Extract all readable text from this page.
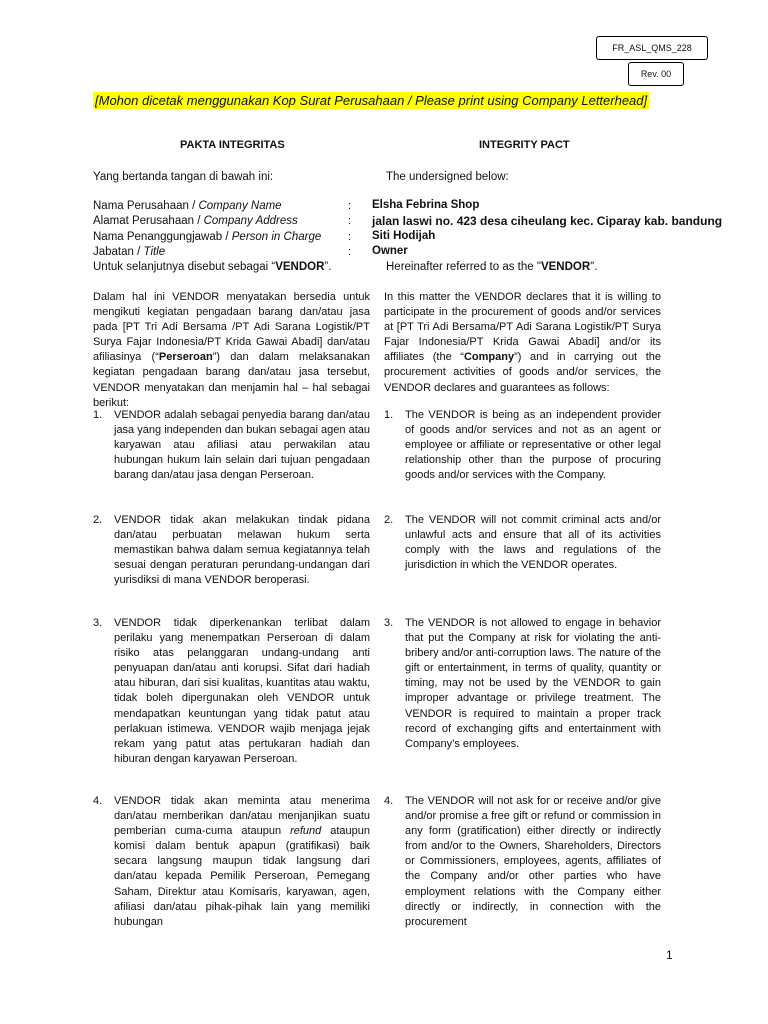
FR_ASL_QMS_228
Rev. 00
[Mohon dicetak menggunakan Kop Surat Perusahaan / Please print using Company Letterhead]
PAKTA INTEGRITAS	INTEGRITY PACT
Yang bertanda tangan di bawah ini:	The undersigned below:
Nama Perusahaan / Company Name	: Elsha Febrina Shop
Alamat Perusahaan / Company Address	: jalan laswi no. 423 desa ciheulang kec. Ciparay kab. bandung
Nama Penanggungjawab / Person in Charge : Siti Hodijah
Jabatan / Title	: Owner
Untuk selanjutnya disebut sebagai “VENDOR”.	Hereinafter referred to as the "VENDOR".

Dalam hal ini VENDOR menyatakan bersedia untuk mengikuti kegiatan pengadaan barang dan/atau jasa pada [PT Tri Adi Bersama /PT Adi Sarana Logistik/PT Surya Fajar Indonesia/PT Krida Gawai Abadi] dan/atau afiliasinya (“Perseroan”) dan dalam melaksanakan kegiatan pengadaan barang dan/atau jasa tersebut, VENDOR menyatakan dan menjamin hal – hal sebagai berikut:

In this matter the VENDOR declares that it is willing to participate in the procurement of goods and/or services at [PT Tri Adi Bersama/PT Adi Sarana Logistik/PT Surya Fajar Indonesia/PT Krida Gawai Abadi] and/or its affiliates (the “Company”) and in carrying out the procurement activities of goods and/or services, the VENDOR declares and guarantees as follows:

1. VENDOR adalah sebagai penyedia barang dan/atau jasa yang independen dan bukan sebagai agen atau karyawan atau afiliasi atau perwakilan atau hubungan hukum lain selain dari tujuan pengadaan barang dan/atau jasa dengan Perseroan.
1. The VENDOR is being as an independent provider of goods and/or services and not as an agent or employee or affiliate or representative or other legal relationship other than the purpose of procuring goods and/or services with the Company.
2. VENDOR tidak akan melakukan tindak pidana dan/atau perbuatan melawan hukum serta memastikan bahwa dalam semua kegiatannya telah sesuai dengan peraturan perundang-undangan dari yurisdiksi di mana VENDOR beroperasi.
2. The VENDOR will not commit criminal acts and/or unlawful acts and ensure that all of its activities comply with the laws and regulations of the jurisdiction in which the VENDOR operates.
3. VENDOR tidak diperkenankan terlibat dalam perilaku yang menempatkan Perseroan di dalam risiko atas pelanggaran undang-undang anti penyuapan dan/atau anti korupsi. Sifat dari hadiah atau hiburan, dari sisi kualitas, kuantitas atau waktu, tidak boleh dipergunakan oleh VENDOR untuk mendapatkan keuntungan yang tidak patut atau perlakuan istimewa. VENDOR wajib menjaga jejak rekam yang patut atas pertukaran hadiah dan hiburan dengan karyawan Perseroan.
3. The VENDOR is not allowed to engage in behavior that put the Company at risk for violating the anti-bribery and/or anti-corruption laws. The nature of the gift or entertainment, in terms of quality, quantity or timing, may not be used by the VENDOR to gain improper advantage or privilege treatment. The VENDOR is required to maintain a proper track record of exchanging gifts and entertainment with Company’s employees.
4. VENDOR tidak akan meminta atau menerima dan/atau memberikan dan/atau menjanjikan suatu pemberian cuma-cuma ataupun refund ataupun komisi dalam bentuk apapun (gratifikasi) baik secara langsung maupun tidak langsung dari dan/atau kepada Pemilik Perseroan, Pemegang Saham, Direktur atau Komisaris, karyawan, agen, afiliasi dan/atau pihak-pihak lain yang memiliki hubungan
4. The VENDOR will not ask for or receive and/or give and/or promise a free gift or refund or commission in any form (gratification) either directly or indirectly from and/or to the Owners, Shareholders, Directors or Commissioners, employees, agents, affiliates of the Company and/or other parties who have employment relations with the Company either directly or indirectly, in connection with the procurement
1
